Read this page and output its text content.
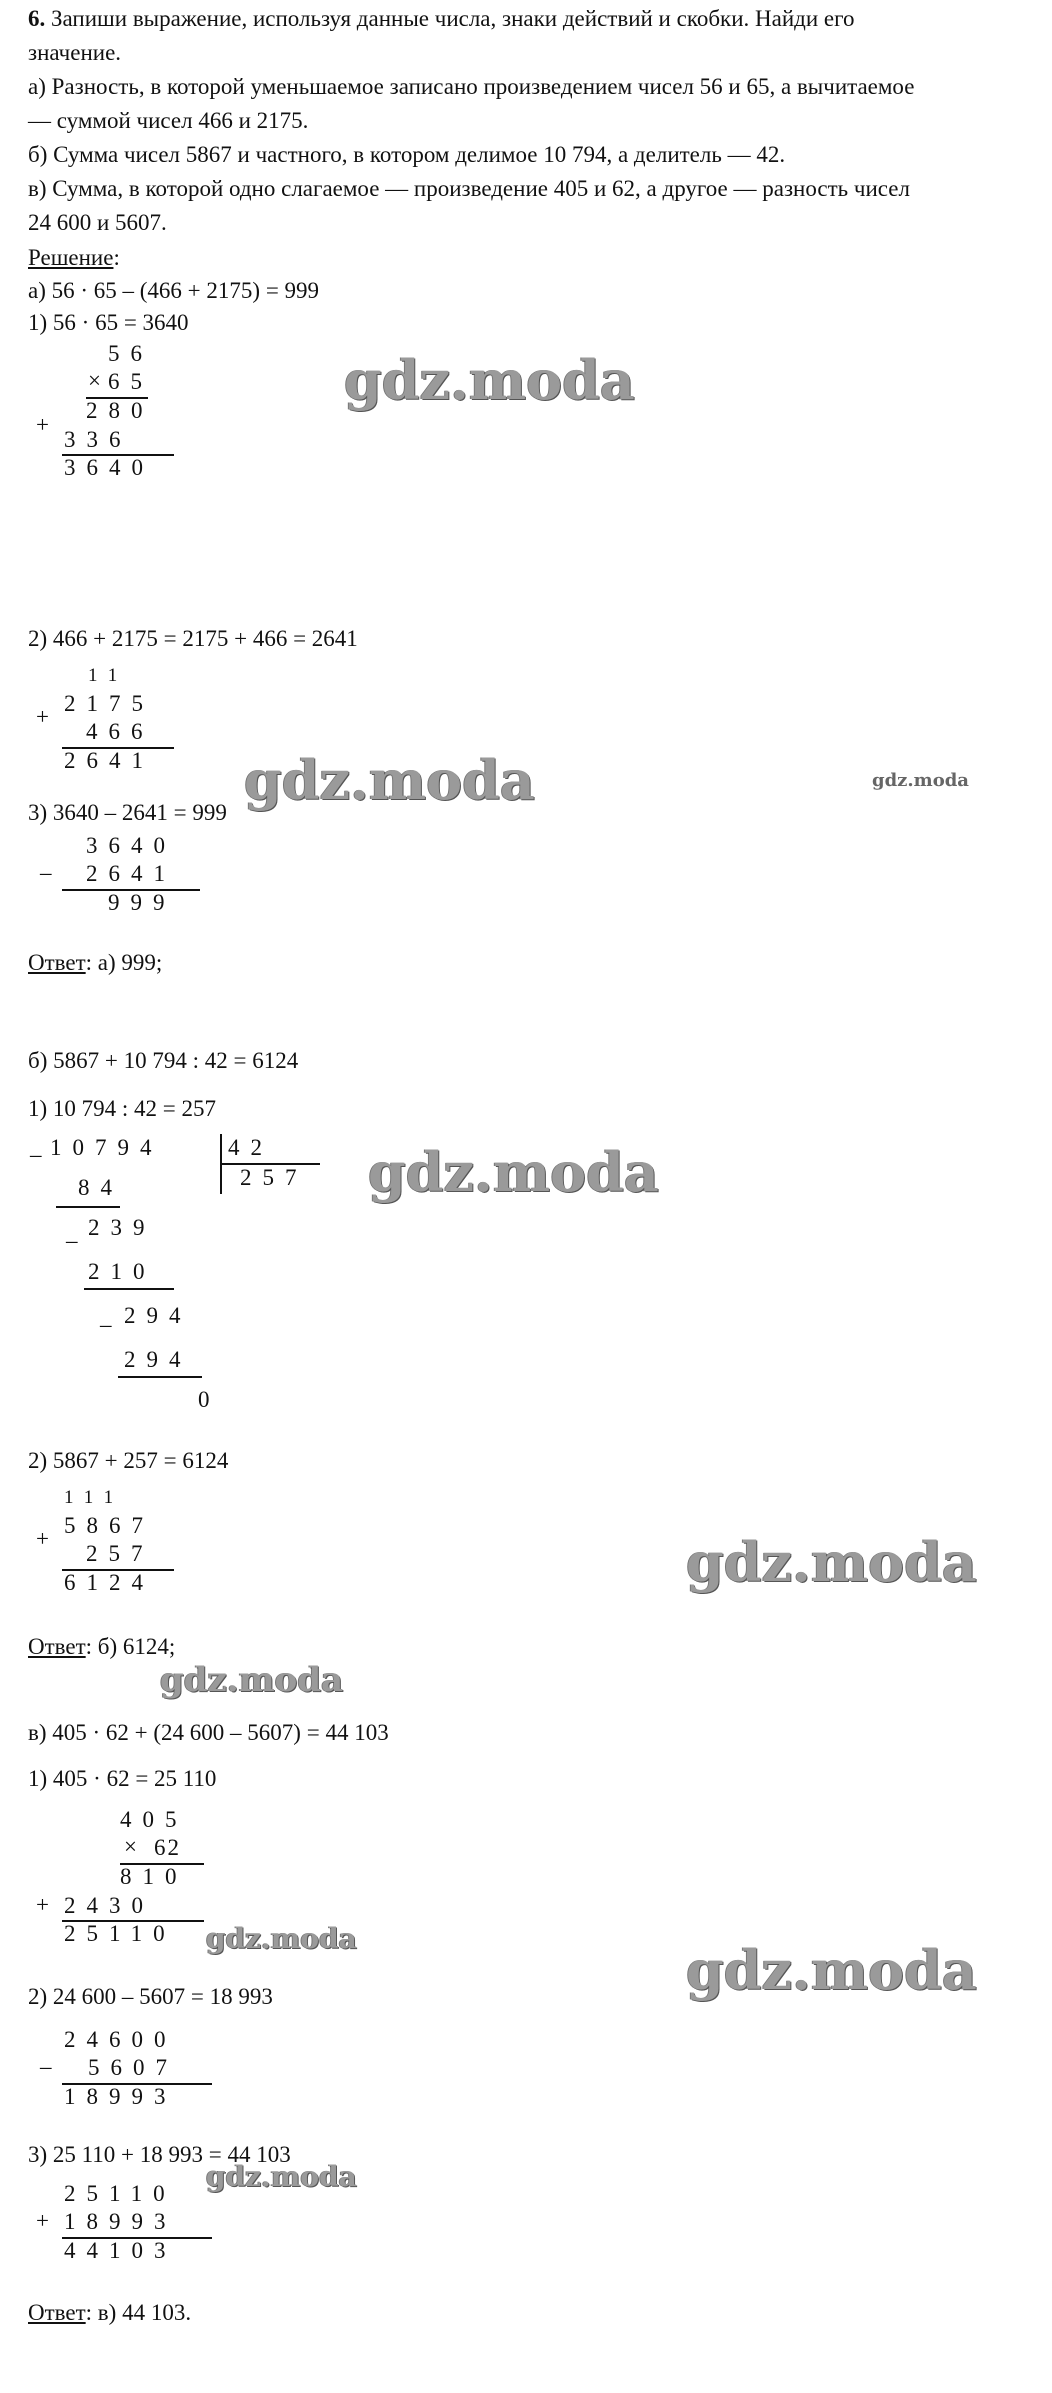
6. Запиши выражение, используя данные числа, знаки действий и скобки. Найди его
значение.
а) Разность, в которой уменьшаемое записано произведением чисел 56 и 65, а вычитаемое
— суммой чисел 466 и 2175.
б) Сумма чисел 5867 и частного, в котором делимое 10 794, а делитель — 42.
в) Сумма, в которой одно слагаемое — произведение 405 и 62, а другое — разность чисел
24 600 и 5607.
Решение:
а) 56 · 65 – (466 + 2175) = 999
1) 56 · 65 = 3640
56
× 65
280
+
336
3640
2) 466 + 2175 = 2175 + 466 = 2641
11
2175
+
466
2641
3) 3640 – 2641 = 999
3640
– 2641
999
Ответ: а) 999;
б) 5867 + 10 794 : 42 = 6124
1) 10 794 : 42 = 257
– 10794	42
257
84
–
239
210
– 294
294
0
2) 5867 + 257 = 6124
111
5867
+
257
6124
Ответ: б) 6124;
в) 405 · 62 + (24 600 – 5607) = 44 103
1) 405 · 62 = 25 110
405
× 62
810
+ 2430
25110
2) 24 600 – 5607 = 18 993
24600
– 5607
18993
3) 25 110 + 18 993 = 44 103
25110
+ 18993
44103
Ответ: в) 44 103.
gdz.moda
gdz.moda	gdz.moda
gdz.moda
gdz.moda
gdz.moda
gdz.moda	gdz.moda
gdz.moda
